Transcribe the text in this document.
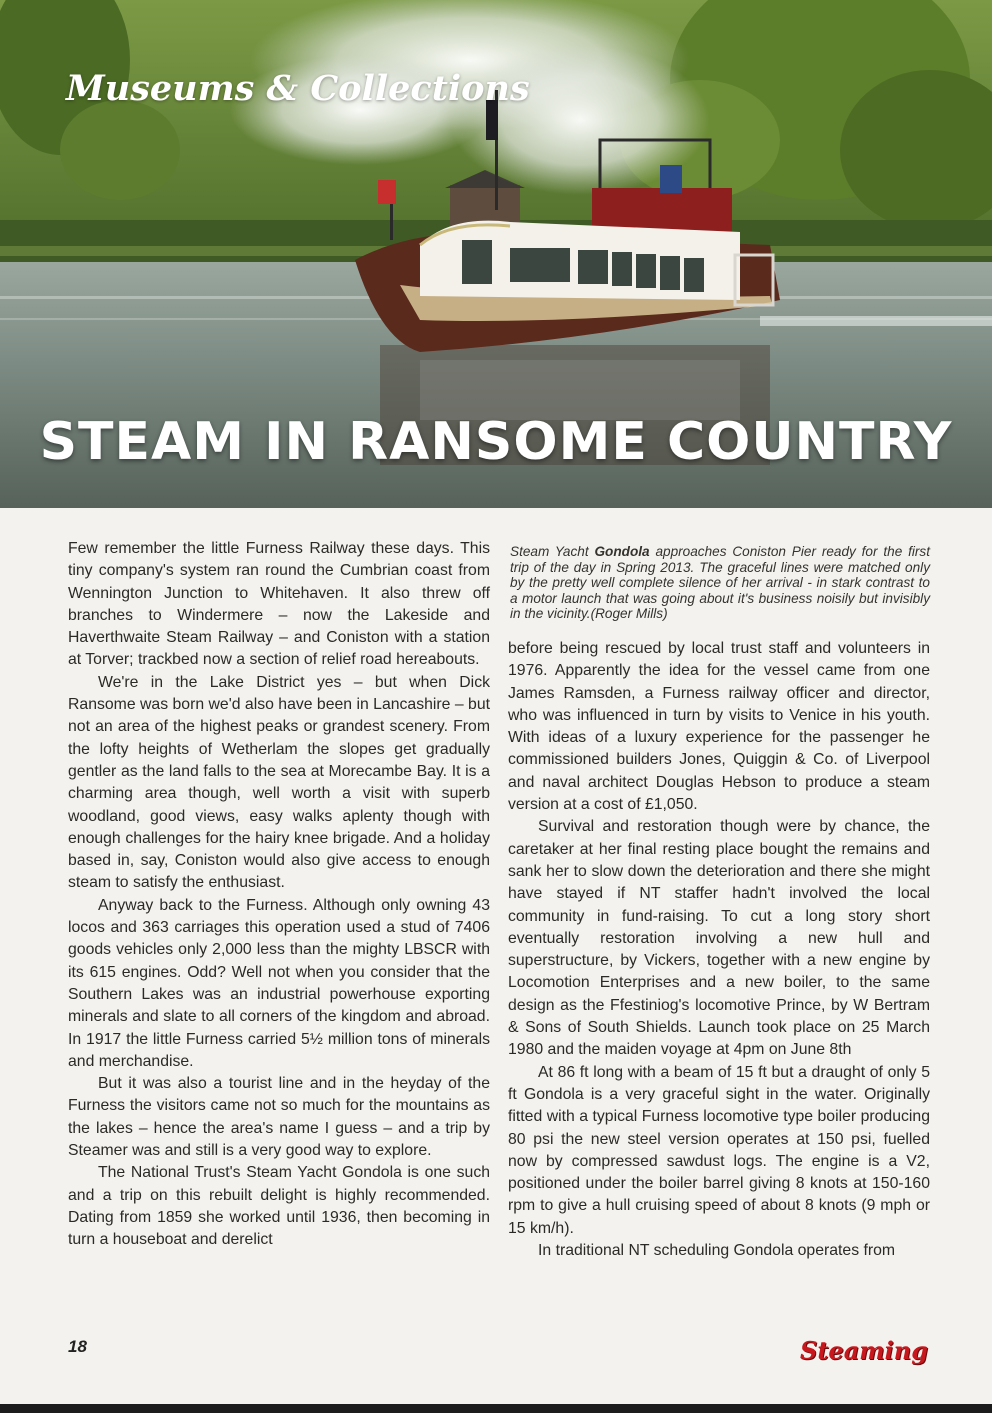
Museums & Collections
STEAM IN RANSOME COUNTRY

Few remember the little Furness Railway these days. This tiny company's system ran round the Cumbrian coast from Wennington Junction to Whitehaven. It also threw off branches to Windermere – now the Lakeside and Haverthwaite Steam Railway – and Coniston with a station at Torver; trackbed now a section of relief road hereabouts.

We're in the Lake District yes – but when Dick Ransome was born we'd also have been in Lancashire – but not an area of the highest peaks or grandest scenery. From the lofty heights of Wetherlam the slopes get gradually gentler as the land falls to the sea at Morecambe Bay. It is a charming area though, well worth a visit with superb woodland, good views, easy walks aplenty though with enough challenges for the hairy knee brigade. And a holiday based in, say, Coniston would also give access to enough steam to satisfy the enthusiast.

Anyway back to the Furness. Although only owning 43 locos and 363 carriages this operation used a stud of 7406 goods vehicles only 2,000 less than the mighty LBSCR with its 615 engines. Odd? Well not when you consider that the Southern Lakes was an industrial powerhouse exporting minerals and slate to all corners of the kingdom and abroad. In 1917 the little Furness carried 5½ million tons of minerals and merchandise.

But it was also a tourist line and in the heyday of the Furness the visitors came not so much for the mountains as the lakes – hence the area's name I guess – and a trip by Steamer was and still is a very good way to explore.

The National Trust's Steam Yacht Gondola is one such and a trip on this rebuilt delight is highly recommended. Dating from 1859 she worked until 1936, then becoming in turn a houseboat and derelict

Steam Yacht Gondola approaches Coniston Pier ready for the first trip of the day in Spring 2013. The graceful lines were matched only by the pretty well complete silence of her arrival - in stark contrast to a motor launch that was going about it's business noisily but invisibly in the vicinity.(Roger Mills)

before being rescued by local trust staff and volunteers in 1976. Apparently the idea for the vessel came from one James Ramsden, a Furness railway officer and director, who was influenced in turn by visits to Venice in his youth. With ideas of a luxury experience for the passenger he commissioned builders Jones, Quiggin & Co. of Liverpool and naval architect Douglas Hebson to produce a steam version at a cost of £1,050.

Survival and restoration though were by chance, the caretaker at her final resting place bought the remains and sank her to slow down the deterioration and there she might have stayed if NT staffer hadn't involved the local community in fund-raising. To cut a long story short eventually restoration involving a new hull and superstructure, by Vickers, together with a new engine by Locomotion Enterprises and a new boiler, to the same design as the Ffestiniog's locomotive Prince, by W Bertram & Sons of South Shields. Launch took place on 25 March 1980 and the maiden voyage at 4pm on June 8th

At 86 ft long with a beam of 15 ft but a draught of only 5 ft Gondola is a very graceful sight in the water. Originally fitted with a typical Furness locomotive type boiler producing 80 psi the new steel version operates at 150 psi, fuelled now by compressed sawdust logs. The engine is a V2, positioned under the boiler barrel giving 8 knots at 150-160 rpm to give a hull cruising speed of about 8 knots (9 mph or 15 km/h).

In traditional NT scheduling Gondola operates from

18	Steaming
